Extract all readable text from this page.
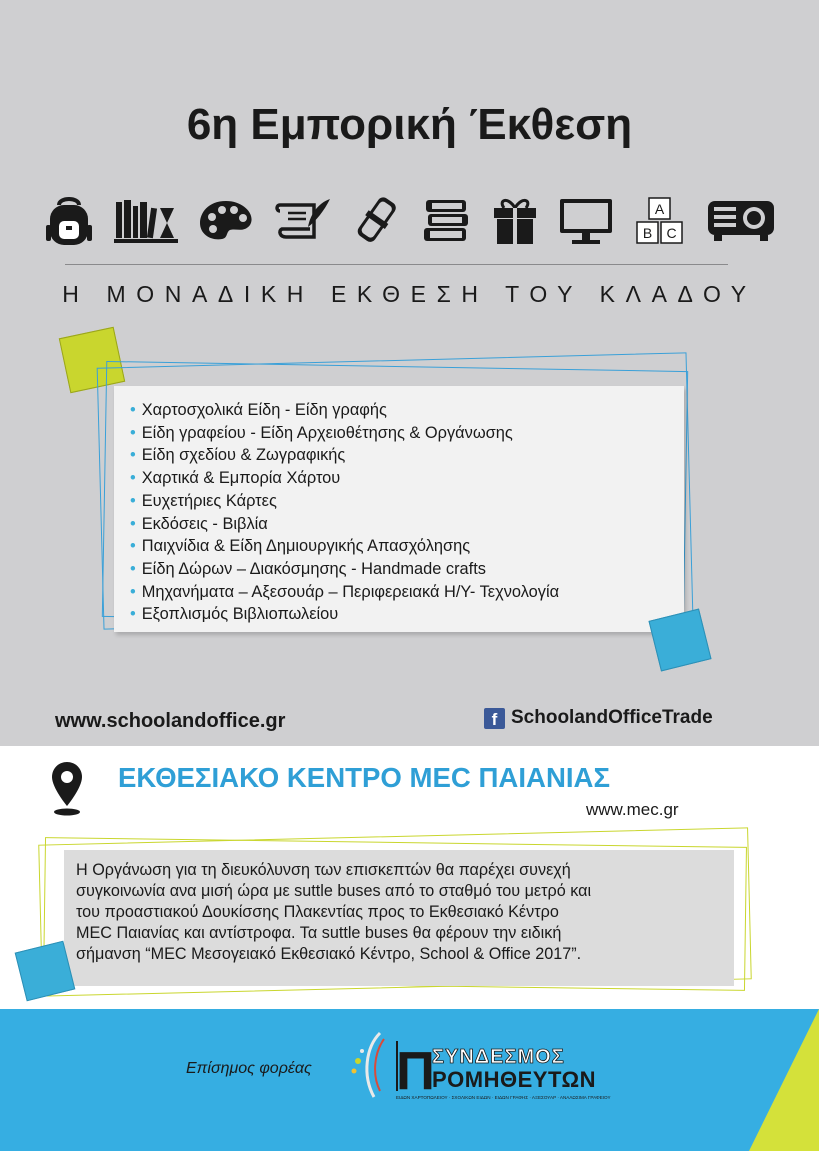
6η Εμπορική Έκθεση
A
B C
Η ΜΟΝΑΔΙΚΗ ΕΚΘΕΣΗ ΤΟΥ ΚΛΑΔΟΥ
• Χαρτοσχολικά Είδη - Είδη γραφής
• Είδη γραφείου - Είδη Αρχειοθέτησης & Οργάνωσης
• Είδη σχεδίου & Ζωγραφικής
• Χαρτικά & Εμπορία Χάρτου
• Ευχετήριες Κάρτες
• Εκδόσεις - Βιβλία
• Παιχνίδια & Είδη Δημιουργικής Απασχόλησης
• Είδη Δώρων – Διακόσμησης - Handmade crafts
• Μηχανήματα – Αξεσουάρ – Περιφερειακά Η/Υ- Τεχνολογία
• Εξοπλισμός Βιβλιοπωλείου
www.schoolandoffice.gr	f SchoolandOfficeTrade
ΕΚΘΕΣΙΑΚΟ ΚΕΝΤΡΟ ΜΕC ΠΑΙΑΝΙΑΣ
www.mec.gr
Η Οργάνωση για τη διευκόλυνση των επισκεπτών θα παρέχει συνεχή
συγκοινωνία ανα μισή ώρα με suttle buses από το σταθμό του μετρό και
του προαστιακού Δουκίσσης Πλακεντίας προς το Εκθεσιακό Κέντρο
MEC Παιανίας και αντίστροφα. Τα suttle buses θα φέρουν την ειδική
σήμανση “MEC Μεσογειακό Εκθεσιακό Κέντρο, School & Office 2017”.
Επίσημος φορέας Π
ΣΥΝΔΕΣΜΟΣ
ΡΟΜΗΘΕΥΤΩΝ
ΕΙΔΩΝ ΧΑΡΤΟΠΩΛΕΙΟΥ · ΣΧΟΛΙΚΩΝ ΕΙΔΩΝ · ΕΙΔΩΝ ΓΡΑΦΗΣ · ΑΞΕΣΟΥΑΡ · ΑΝΑΛΩΣΙΜΑ ΓΡΑΦΕΙΟΥ
